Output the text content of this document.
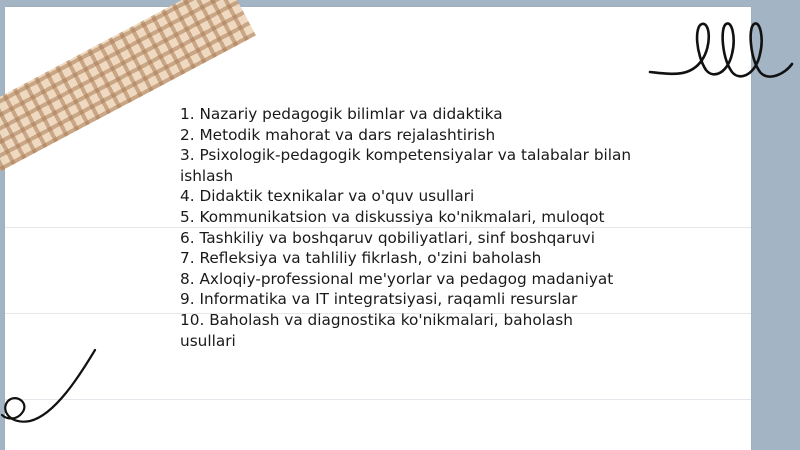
1. Nazariy pedagogik bilimlar va didaktika
2. Metodik mahorat va dars rejalashtirish
3. Psixologik-pedagogik kompetensiyalar va talabalar bilan ishlash
4. Didaktik texnikalar va o'quv usullari
5. Kommunikatsion va diskussiya ko'nikmalari, muloqot
6. Tashkiliy va boshqaruv qobiliyatlari, sinf boshqaruvi
7. Refleksiya va tahliliy fikrlash, o'zini baholash
8. Axloqiy-professional me'yorlar va pedagog madaniyat
9. Informatika va IT integratsiyasi, raqamli resurslar
10. Baholash va diagnostika ko'nikmalari, baholash usullari
